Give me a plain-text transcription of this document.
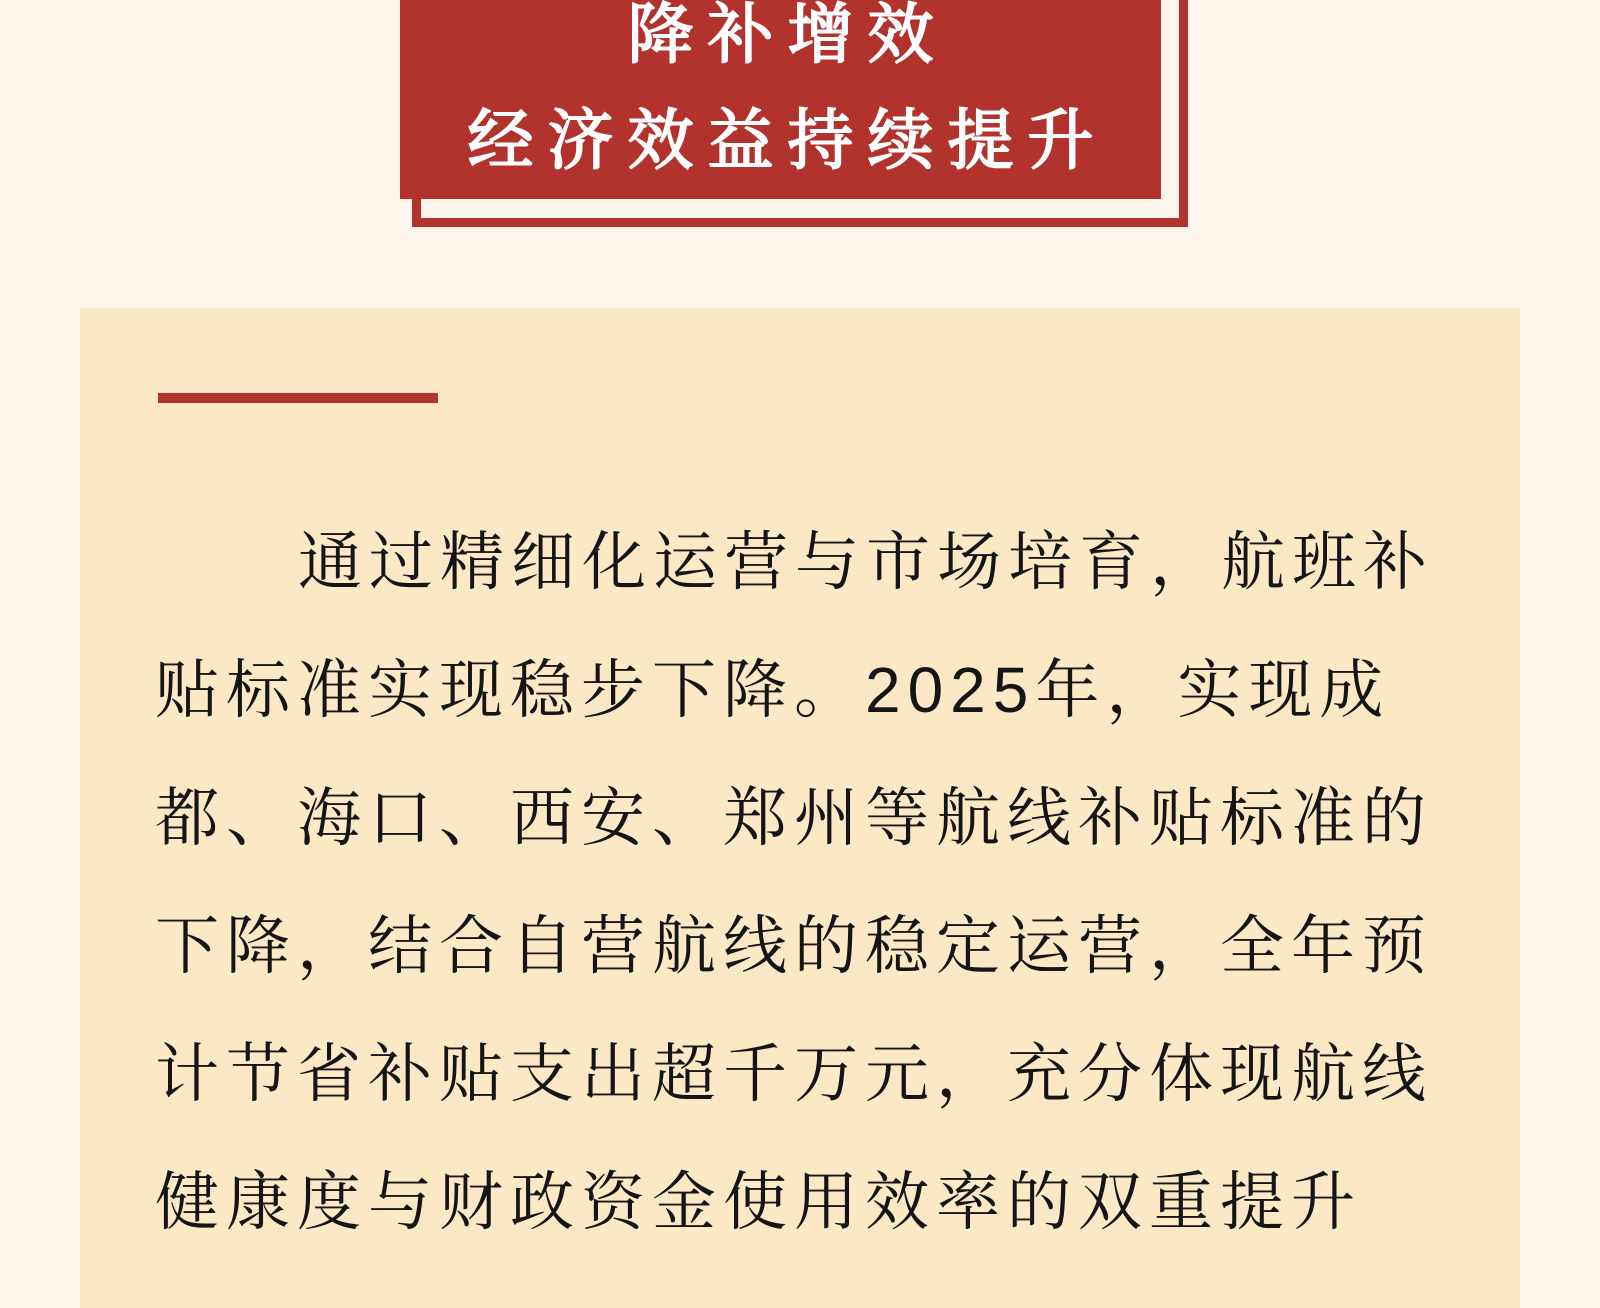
降补增效
经济效益持续提升
通过精细化运营与市场培育，航班补
贴标准实现稳步下降。2025年，实现成
都、海口、西安、郑州等航线补贴标准的
下降，结合自营航线的稳定运营，全年预
计节省补贴支出超千万元，充分体现航线
健康度与财政资金使用效率的双重提升
